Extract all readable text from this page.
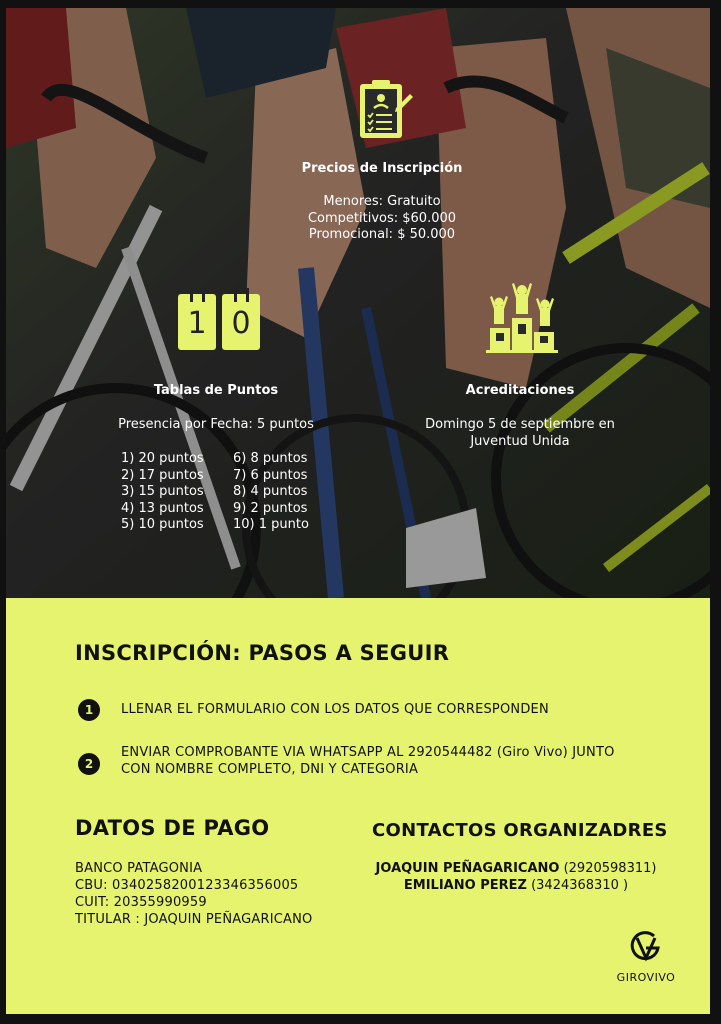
Precios de Inscripción
Menores: Gratuito
Competitivos: $60.000
Promocional: $ 50.000
1 0
Tablas de Puntos
Presencia por Fecha: 5 puntos
1) 20 puntos
2) 17 puntos
3) 15 puntos
4) 13 puntos
5) 10 puntos
6) 8 puntos
7) 6 puntos
8) 4 puntos
9) 2 puntos
10) 1 punto
Acreditaciones
Domingo 5 de septiembre en
Juventud Unida
INSCRIPCIÓN: PASOS A SEGUIR
1	LLENAR EL FORMULARIO CON LOS DATOS QUE CORRESPONDEN
2
ENVIAR COMPROBANTE VIA WHATSAPP AL 2920544482 (Giro Vivo) JUNTO
CON NOMBRE COMPLETO, DNI Y CATEGORIA
DATOS DE PAGO
BANCO PATAGONIA
CBU: 0340258200123346356005
CUIT: 20355990959
TITULAR : JOAQUIN PEÑAGARICANO
CONTACTOS ORGANIZADRES
JOAQUIN PEÑAGARICANO (2920598311)
EMILIANO PEREZ (3424368310 )
GIROVIVO
